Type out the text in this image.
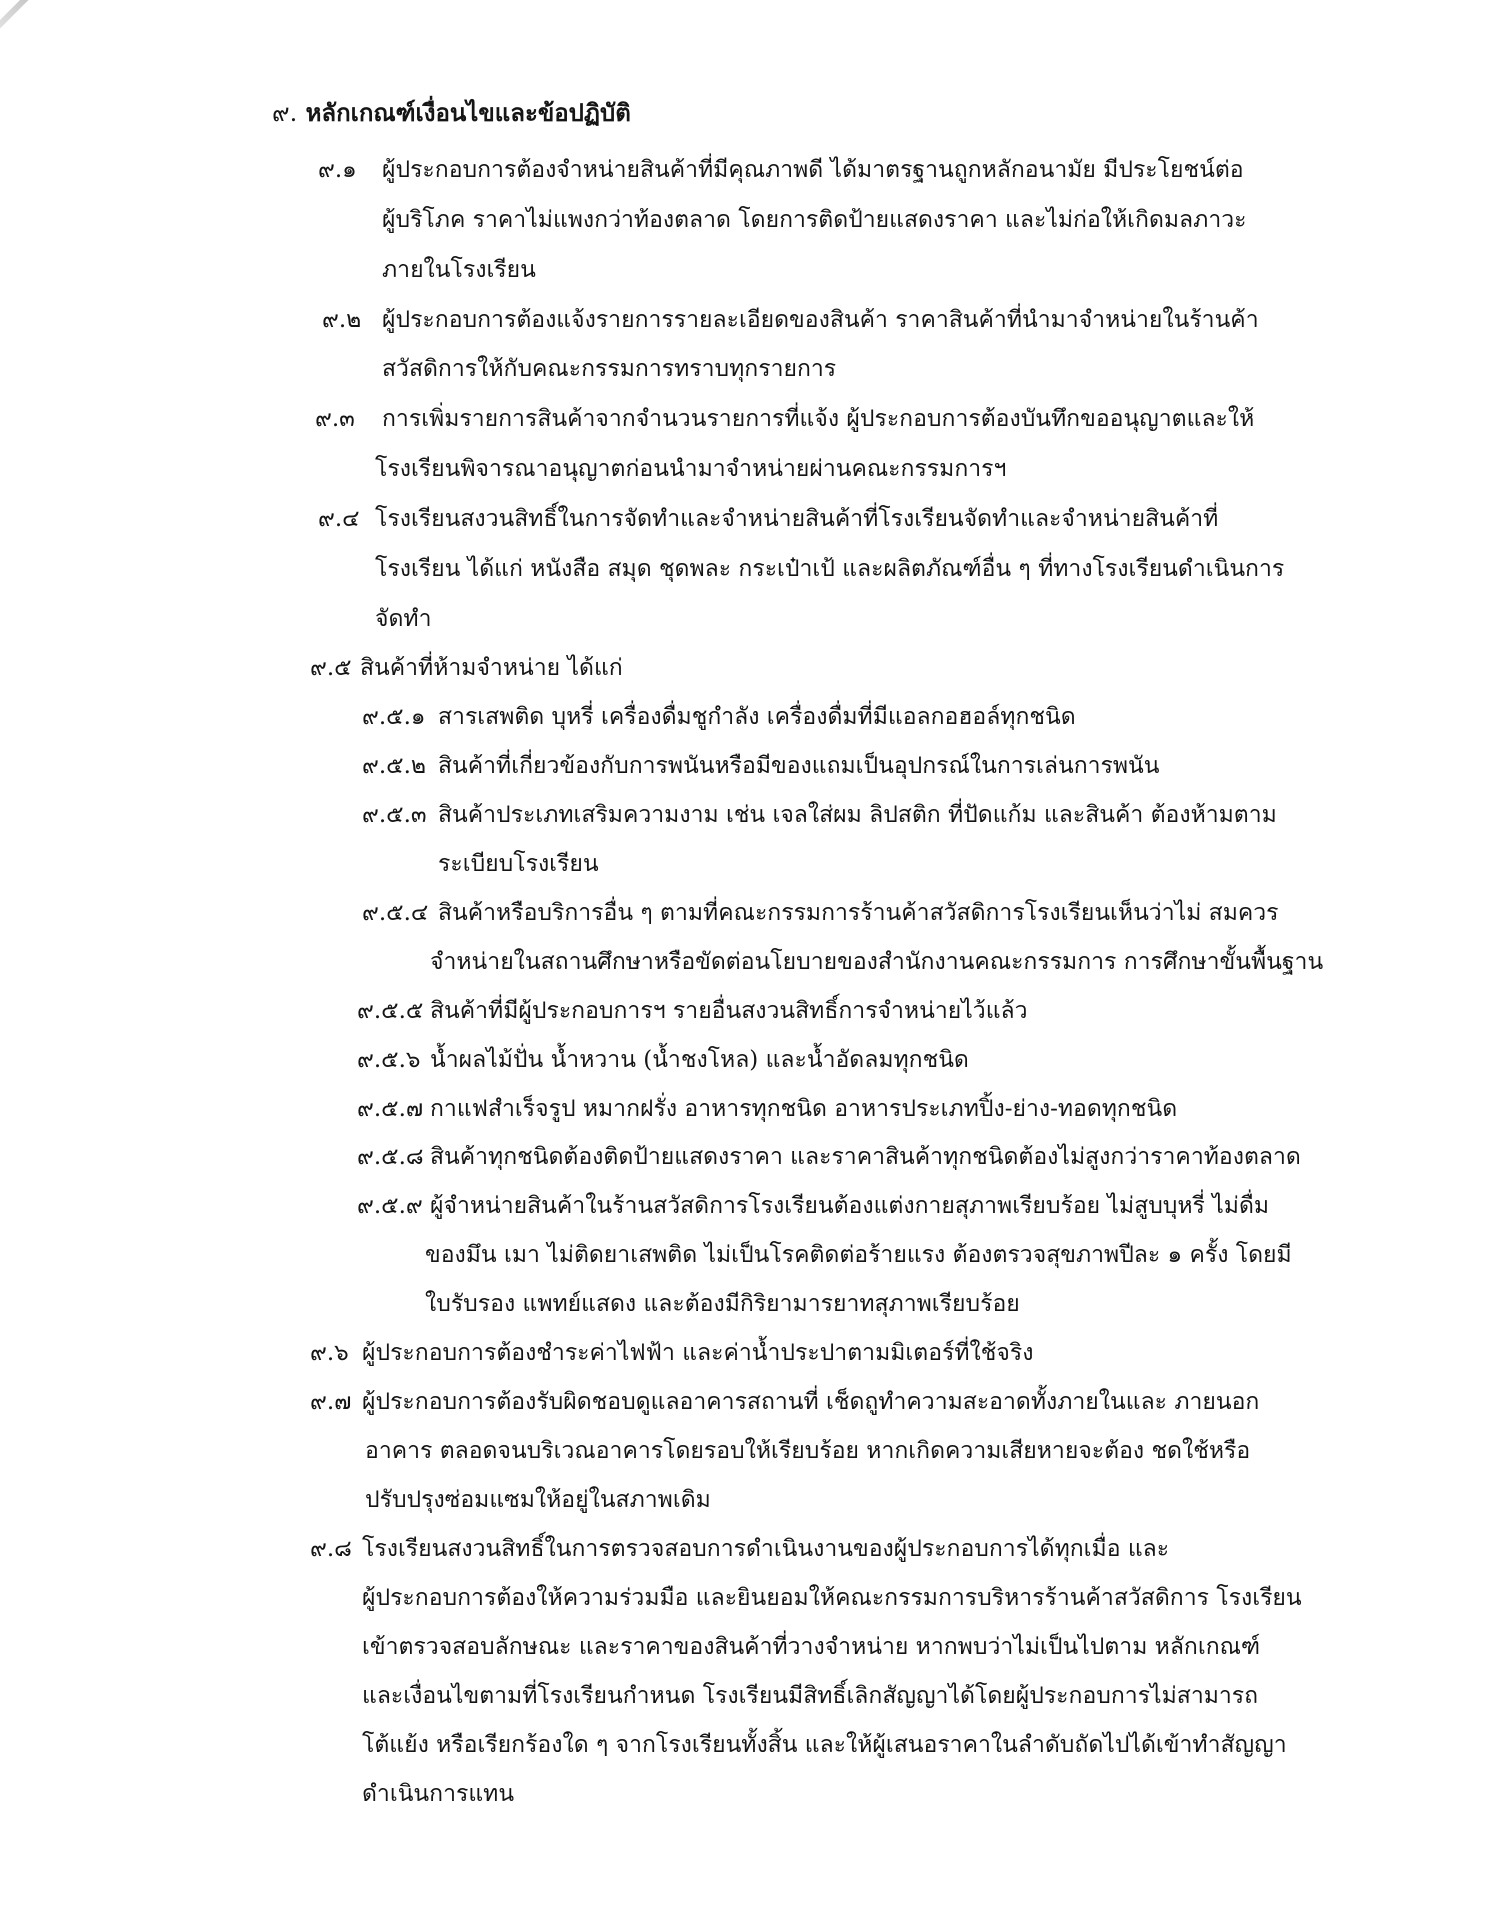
๙. หลักเกณฑ์เงื่อนไขและข้อปฏิบัติ
๙.๑ ผู้ประกอบการต้องจำหน่ายสินค้าที่มีคุณภาพดี ได้มาตรฐานถูกหลักอนามัย มีประโยชน์ต่อ
ผู้บริโภค ราคาไม่แพงกว่าท้องตลาด โดยการติดป้ายแสดงราคา และไม่ก่อให้เกิดมลภาวะ
ภายในโรงเรียน
๙.๒ ผู้ประกอบการต้องแจ้งรายการรายละเอียดของสินค้า ราคาสินค้าที่นำมาจำหน่ายในร้านค้า
สวัสดิการให้กับคณะกรรมการทราบทุกรายการ
๙.๓ การเพิ่มรายการสินค้าจากจำนวนรายการที่แจ้ง ผู้ประกอบการต้องบันทึกขออนุญาตและให้
โรงเรียนพิจารณาอนุญาตก่อนนำมาจำหน่ายผ่านคณะกรรมการฯ
๙.๔ โรงเรียนสงวนสิทธิ์ในการจัดทำและจำหน่ายสินค้าที่โรงเรียนจัดทำและจำหน่ายสินค้าที่
โรงเรียน ได้แก่ หนังสือ สมุด ชุดพละ กระเป๋าเป้ และผลิตภัณฑ์อื่น ๆ ที่ทางโรงเรียนดำเนินการ
จัดทำ
๙.๕ สินค้าที่ห้ามจำหน่าย ได้แก่
๙.๕.๑ สารเสพติด บุหรี่ เครื่องดื่มชูกำลัง เครื่องดื่มที่มีแอลกอฮอล์ทุกชนิด
๙.๕.๒ สินค้าที่เกี่ยวข้องกับการพนันหรือมีของแถมเป็นอุปกรณ์ในการเล่นการพนัน
๙.๕.๓ สินค้าประเภทเสริมความงาม เช่น เจลใส่ผม ลิปสติก ที่ปัดแก้ม และสินค้า ต้องห้ามตาม
ระเบียบโรงเรียน
๙.๕.๔ สินค้าหรือบริการอื่น ๆ ตามที่คณะกรรมการร้านค้าสวัสดิการโรงเรียนเห็นว่าไม่ สมควร
จำหน่ายในสถานศึกษาหรือขัดต่อนโยบายของสำนักงานคณะกรรมการ การศึกษาขั้นพื้นฐาน
๙.๕.๕ สินค้าที่มีผู้ประกอบการฯ รายอื่นสงวนสิทธิ์การจำหน่ายไว้แล้ว
๙.๕.๖ น้ำผลไม้ปั่น น้ำหวาน (น้ำชงโหล) และน้ำอัดลมทุกชนิด
๙.๕.๗ กาแฟสำเร็จรูป หมากฝรั่ง อาหารทุกชนิด อาหารประเภทปิ้ง-ย่าง-ทอดทุกชนิด
๙.๕.๘ สินค้าทุกชนิดต้องติดป้ายแสดงราคา และราคาสินค้าทุกชนิดต้องไม่สูงกว่าราคาท้องตลาด
๙.๕.๙ ผู้จำหน่ายสินค้าในร้านสวัสดิการโรงเรียนต้องแต่งกายสุภาพเรียบร้อย ไม่สูบบุหรี่ ไม่ดื่ม
ของมึน เมา ไม่ติดยาเสพติด ไม่เป็นโรคติดต่อร้ายแรง ต้องตรวจสุขภาพปีละ ๑ ครั้ง โดยมี
ใบรับรอง แพทย์แสดง และต้องมีกิริยามารยาทสุภาพเรียบร้อย
๙.๖ ผู้ประกอบการต้องชำระค่าไฟฟ้า และค่าน้ำประปาตามมิเตอร์ที่ใช้จริง
๙.๗ ผู้ประกอบการต้องรับผิดชอบดูแลอาคารสถานที่ เช็ดถูทำความสะอาดทั้งภายในและ ภายนอก
อาคาร ตลอดจนบริเวณอาคารโดยรอบให้เรียบร้อย หากเกิดความเสียหายจะต้อง ชดใช้หรือ
ปรับปรุงซ่อมแซมให้อยู่ในสภาพเดิม
๙.๘ โรงเรียนสงวนสิทธิ์ในการตรวจสอบการดำเนินงานของผู้ประกอบการได้ทุกเมื่อ และ
ผู้ประกอบการต้องให้ความร่วมมือ และยินยอมให้คณะกรรมการบริหารร้านค้าสวัสดิการ โรงเรียน
เข้าตรวจสอบลักษณะ และราคาของสินค้าที่วางจำหน่าย หากพบว่าไม่เป็นไปตาม หลักเกณฑ์
และเงื่อนไขตามที่โรงเรียนกำหนด โรงเรียนมีสิทธิ์เลิกสัญญาได้โดยผู้ประกอบการไม่สามารถ
โต้แย้ง หรือเรียกร้องใด ๆ จากโรงเรียนทั้งสิ้น และให้ผู้เสนอราคาในลำดับถัดไปได้เข้าทำสัญญา
ดำเนินการแทน
